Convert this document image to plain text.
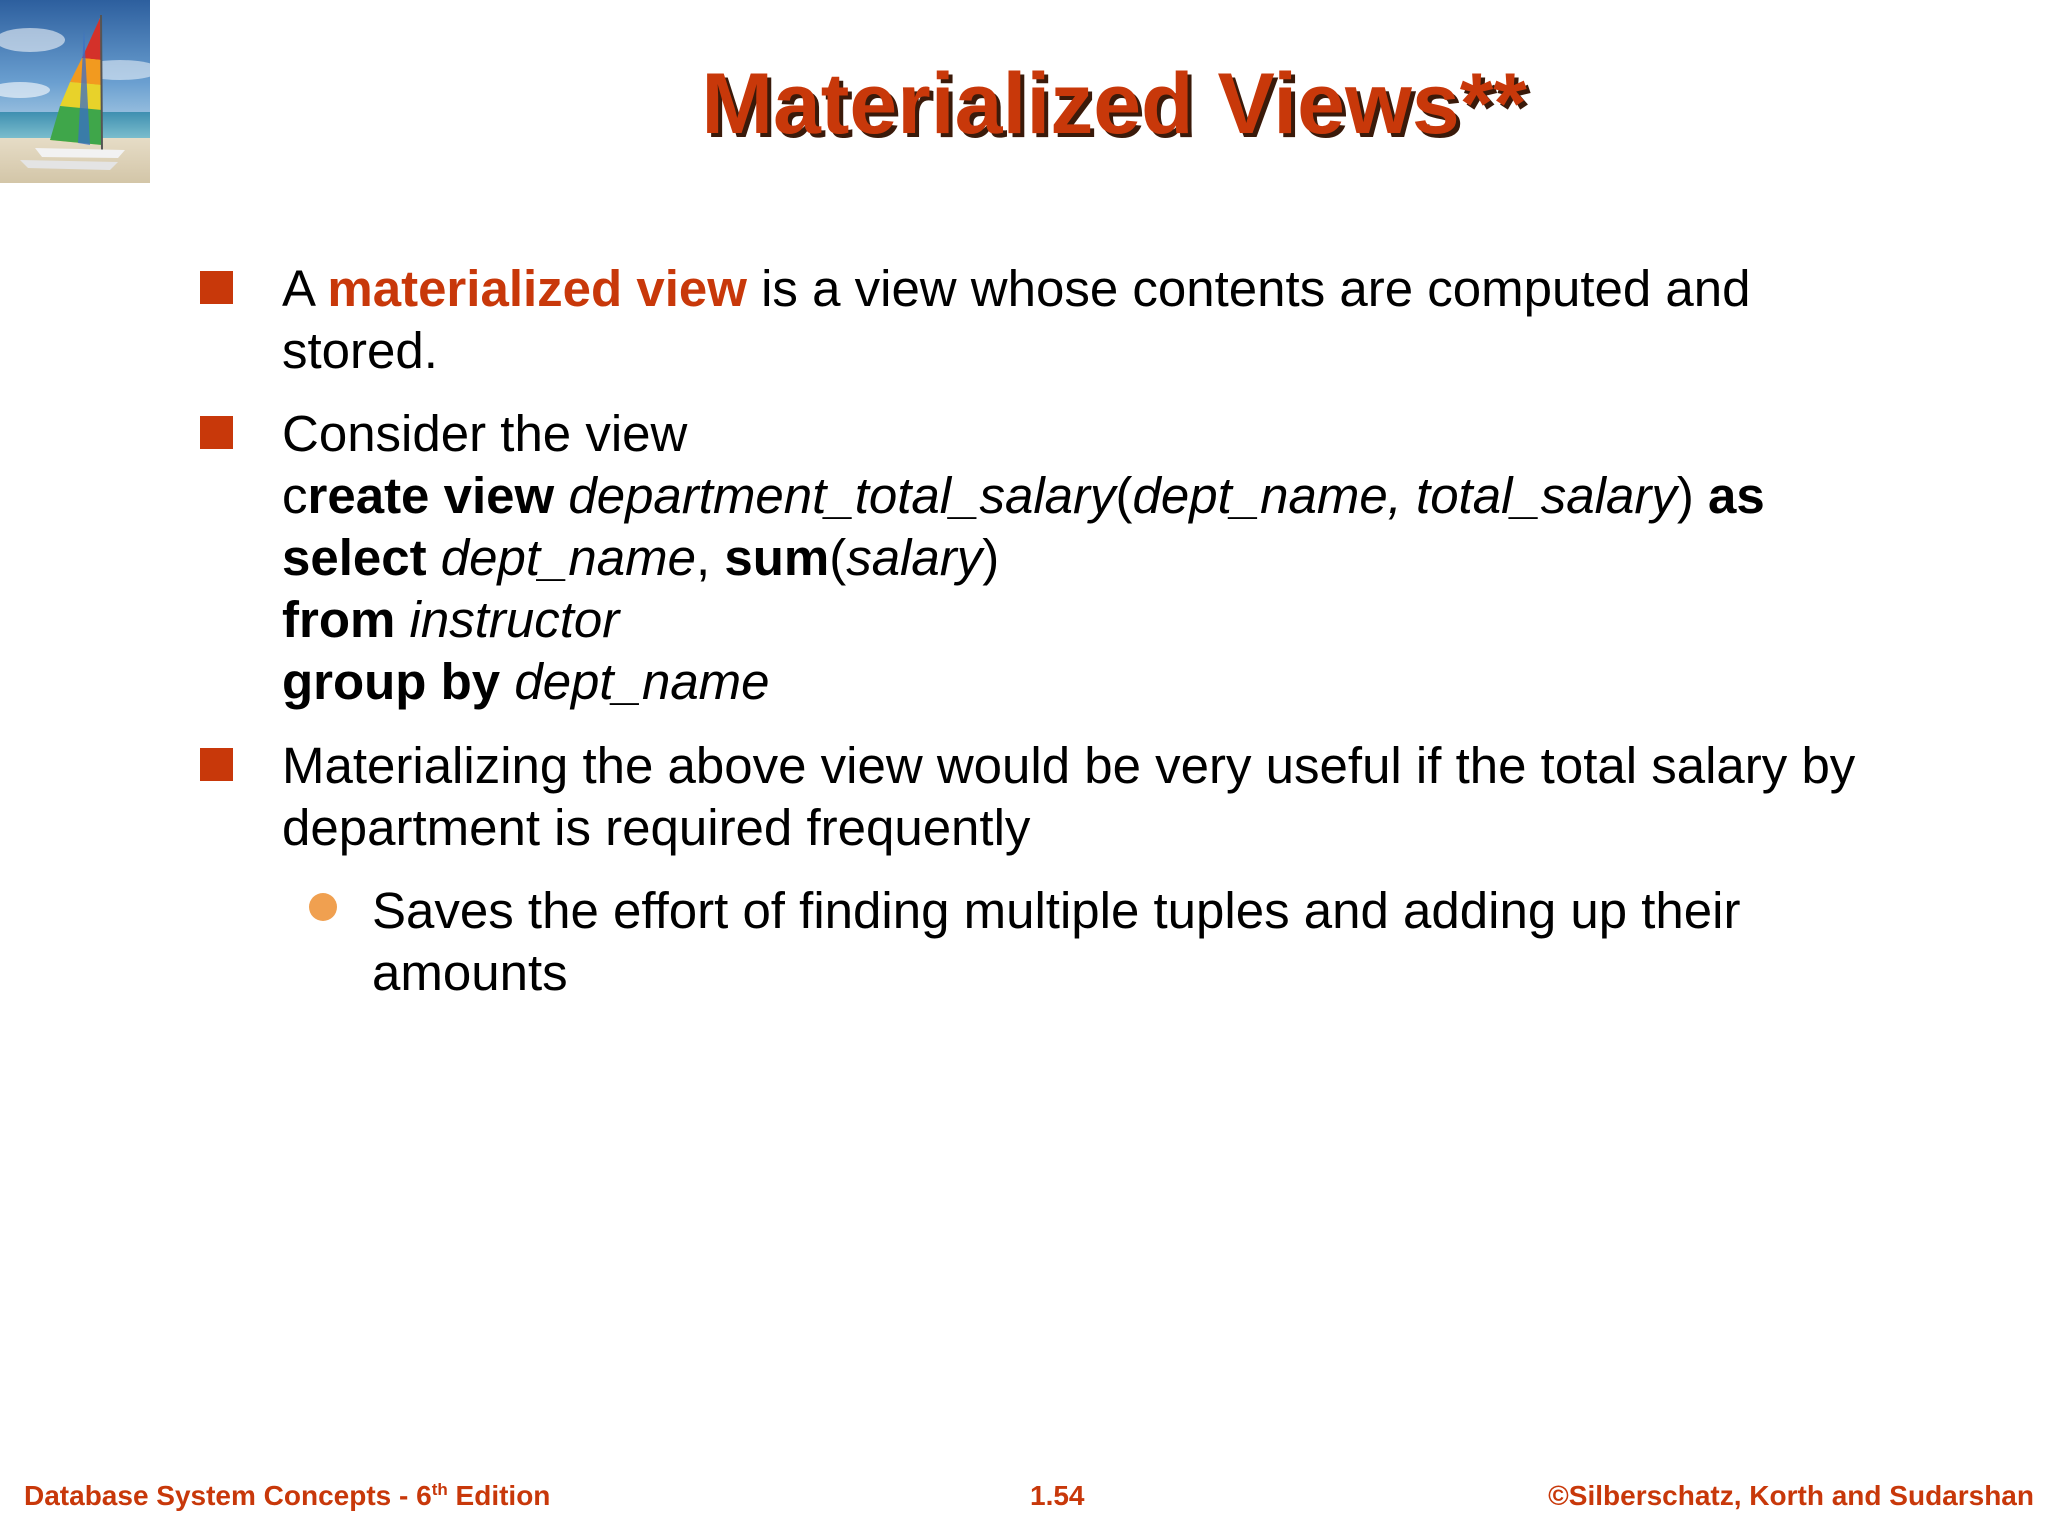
Materialized Views**
A materialized view is a view whose contents are computed and
stored.
Consider the view
create view department_total_salary(dept_name, total_salary) as
select dept_name, sum(salary)
from instructor
group by dept_name
Materializing the above view would be very useful if the total salary by
department is required frequently
Saves the effort of finding multiple tuples and adding up their
amounts
Database System Concepts - 6th Edition	1.54	©Silberschatz, Korth and Sudarshan
